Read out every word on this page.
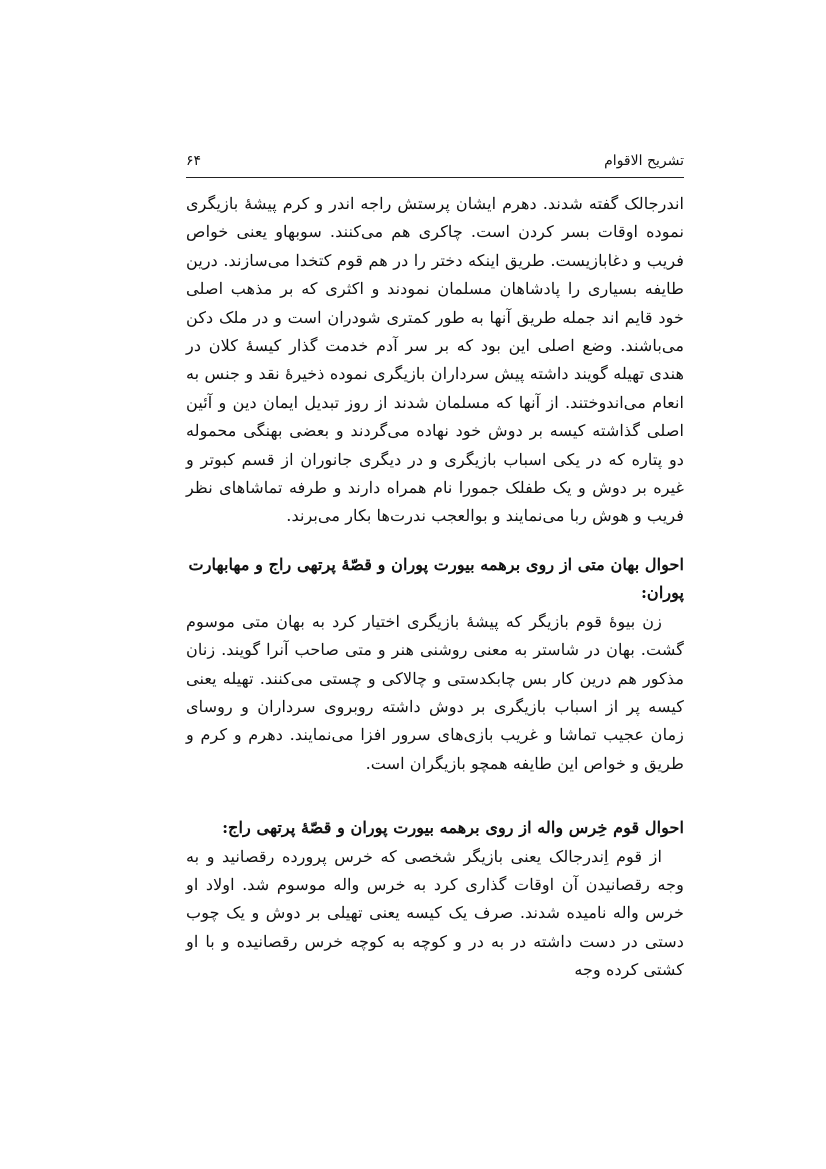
تشریح الاقوام
۶۴

اندرجالک گفته شدند. دهرم ایشان پرستش راجه اندر و کرم پیشهٔ بازیگری نموده اوقات بسر کردن است. چاکری هم می‌کنند. سوبهاو یعنی خواص فریب و دغابازیست. طریق اینکه دختر را در هم قوم کتخدا می‌سازند. درین طایفه بسیاری را پادشاهان مسلمان نمودند و اکثری که بر مذهب اصلی خود قایم اند جمله طریق آنها به طور کمتری شودران است و در ملک دکن می‌باشند. وضع اصلی این بود که بر سر آدم خدمت گذار کیسهٔ کلان در هندی تهیله گویند داشته پیش سرداران بازیگری نموده ذخیرهٔ نقد و جنس به انعام می‌اندوختند. از آنها که مسلمان شدند از روز تبدیل ایمان دین و آئین اصلی گذاشته کیسه بر دوش خود نهاده می‌گردند و بعضی بهنگی محموله دو پتاره که در یکی اسباب بازیگری و در دیگری جانوران از قسم کبوتر و غیره بر دوش و یک طفلک جمورا نام همراه دارند و طرفه تماشاهای نظر فریب و هوش ربا می‌نمایند و بوالعجب ندرت‌ها بکار می‌برند.

احوال بهان متی از روی برهمه بیورت پوران و قصّهٔ پرتهی راج و مهابهارت پوران:

زن بیوهٔ قوم بازیگر که پیشهٔ بازیگری اختیار کرد به بهان متی موسوم گشت. بهان در شاستر به معنی روشنی هنر و متی صاحب آنرا گویند. زنان مذکور هم درین کار بس چابکدستی و چالاکی و چستی می‌کنند. تهیله یعنی کیسه پر از اسباب بازیگری بر دوش داشته روبروی سرداران و روسای زمان عجیب تماشا و غریب بازی‌های سرور افزا می‌نمایند. دهرم و کرم و طریق و خواص این طایفه همچو بازیگران است.

احوال قوم خِرس واله از روی برهمه بیورت پوران و قصّهٔ پرتهی راج:

از قوم اِندرجالک یعنی بازیگر شخصی که خرس پرورده رقصانید و به وجه رقصانیدن آن اوقات گذاری کرد به خرس واله موسوم شد. اولاد او خرس واله نامیده شدند. صرف یک کیسه یعنی تهیلی بر دوش و یک چوب دستی در دست داشته در به در و کوچه به کوچه خرس رقصانیده و با او کشتی کرده وجه
